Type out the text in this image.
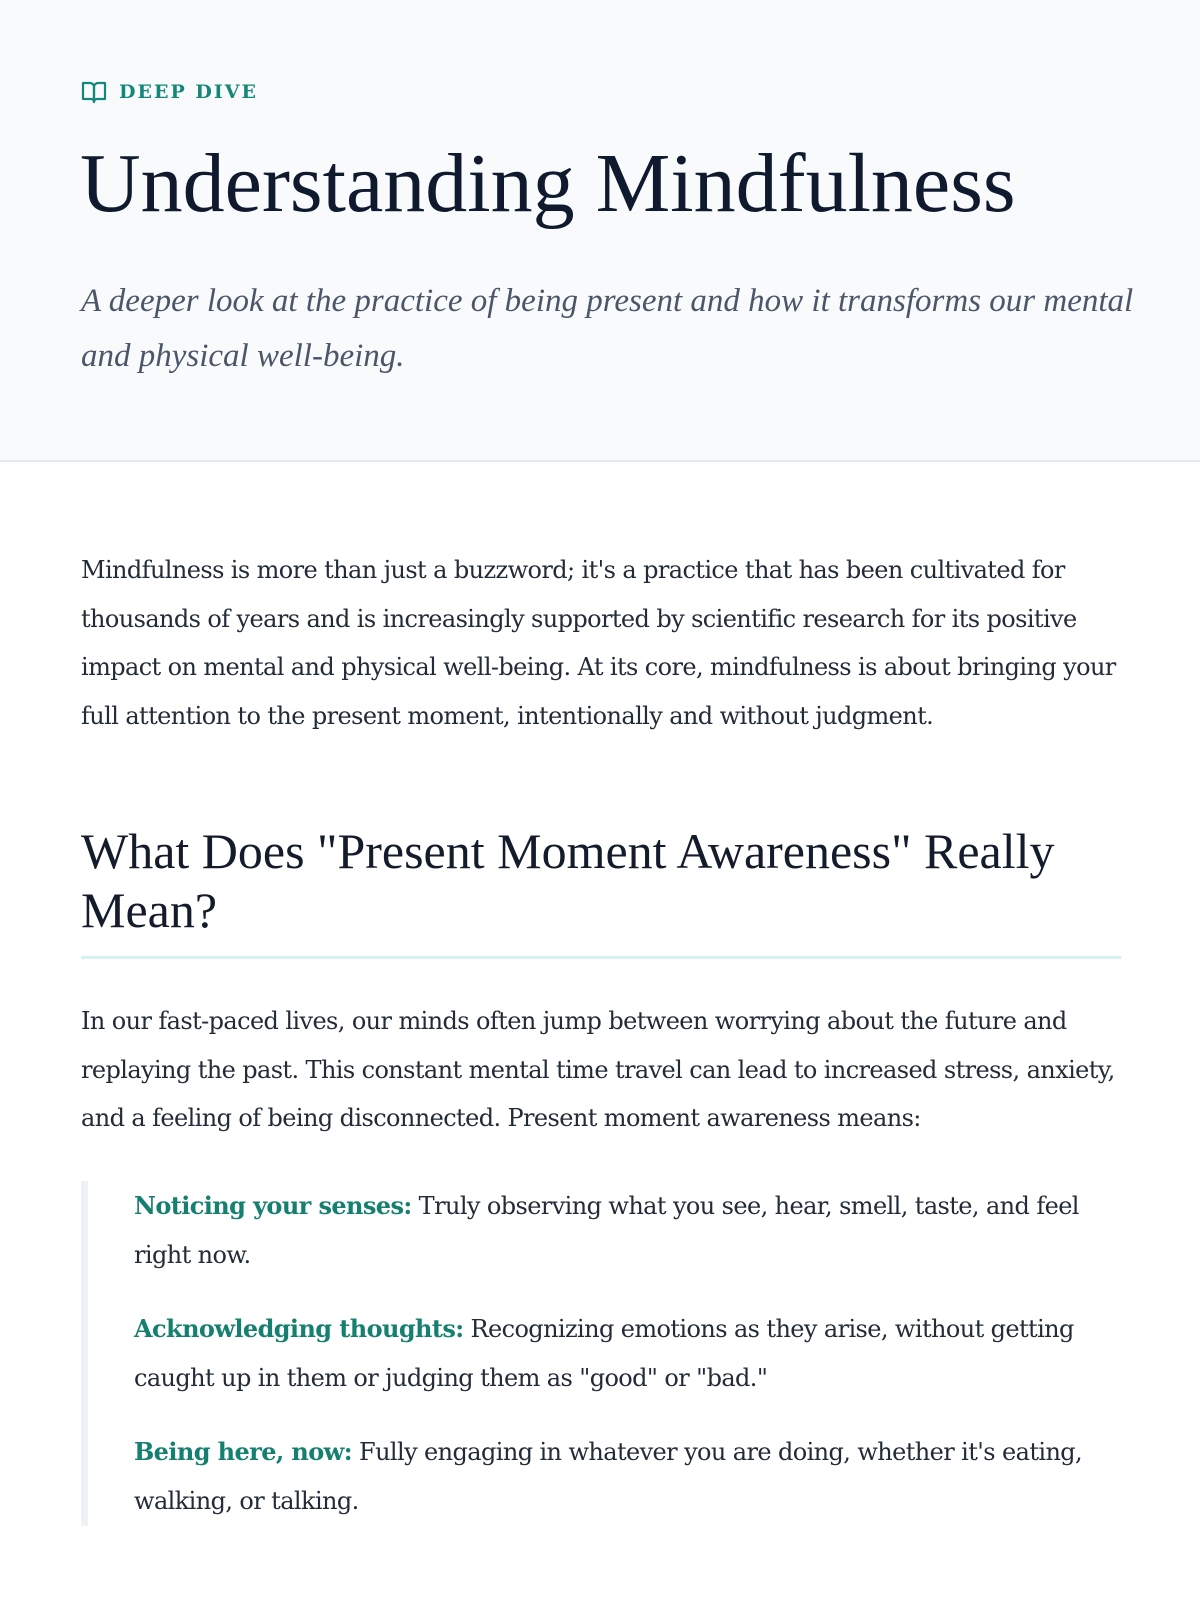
DEEP DIVE
Understanding Mindfulness

A deeper look at the practice of being present and how it transforms our mental and physical well-being.

Mindfulness is more than just a buzzword; it's a practice that has been cultivated for thousands of years and is increasingly supported by scientific research for its positive impact on mental and physical well-being. At its core, mindfulness is about bringing your full attention to the present moment, intentionally and without judgment.

What Does "Present Moment Awareness" Really Mean?

In our fast-paced lives, our minds often jump between worrying about the future and replaying the past. This constant mental time travel can lead to increased stress, anxiety, and a feeling of being disconnected. Present moment awareness means:

Noticing your senses: Truly observing what you see, hear, smell, taste, and feel right now.

Acknowledging thoughts: Recognizing emotions as they arise, without getting caught up in them or judging them as "good" or "bad."

Being here, now: Fully engaging in whatever you are doing, whether it's eating, walking, or talking.
